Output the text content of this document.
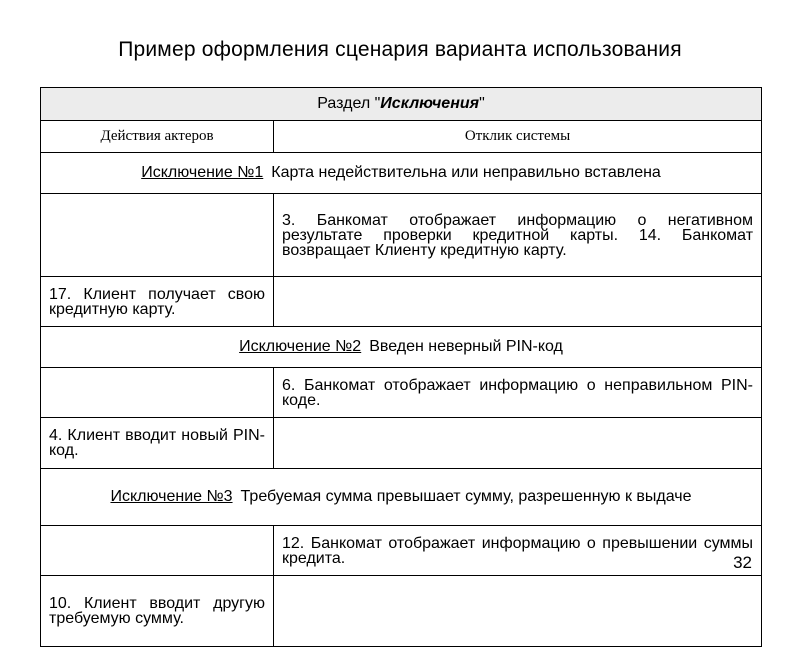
Пример оформления сценария варианта использования
Раздел "Исключения"	
Действия актеров	Отклик системы
Исключение №1 Карта недействительна или неправильно вставлена	
	3. Банкомат отображает информацию о негативном результате проверки кредитной карты. 14. Банкомат возвращает Клиенту кредитную карту.
17. Клиент получает свою кредитную карту.	
Исключение №2 Введен неверный PIN-код	
	6. Банкомат отображает информацию о неправильном PIN-коде.
4. Клиент вводит новый PIN-код.	
Исключение №3 Требуемая сумма превышает сумму, разрешенную к выдаче	
	12. Банкомат отображает информацию о превышении суммы кредита.
10. Клиент вводит другую требуемую сумму.	
32
